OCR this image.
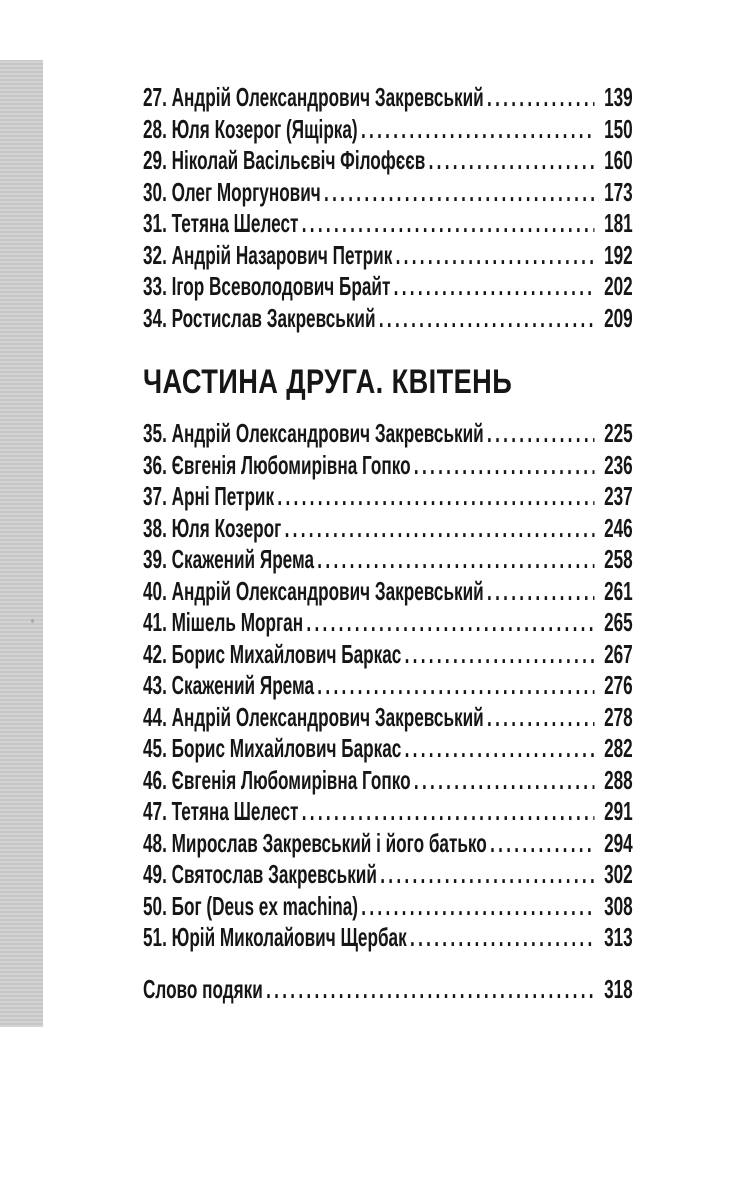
27. Андрій Олександрович Закревський .....	139
28. Юля Козерог (Ящірка) .....	150
29. Ніколай Васільєвіч Філофєєв .....	160
30. Олег Моргунович .....	173
31. Тетяна Шелест .....	181
32. Андрій Назарович Петрик .....	192
33. Ігор Всеволодович Брайт .....	202
34. Ростислав Закревський .....	209
ЧАСТИНА ДРУГА. КВІТЕНЬ
35. Андрій Олександрович Закревський .....	225
36. Євгенія Любомирівна Гопко .....	236
37. Арні Петрик .....	237
38. Юля Козерог .....	246
39. Скажений Ярема .....	258
40. Андрій Олександрович Закревський .....	261
41. Мішель Морган .....	265
42. Борис Михайлович Баркас .....	267
43. Скажений Ярема .....	276
44. Андрій Олександрович Закревський .....	278
45. Борис Михайлович Баркас .....	282
46. Євгенія Любомирівна Гопко .....	288
47. Тетяна Шелест .....	291
48. Мирослав Закревський і його батько .....	294
49. Святослав Закревський .....	302
50. Бог (Deus ex machina) .....	308
51. Юрій Миколайович Щербак .....	313
Слово подяки .....	318
